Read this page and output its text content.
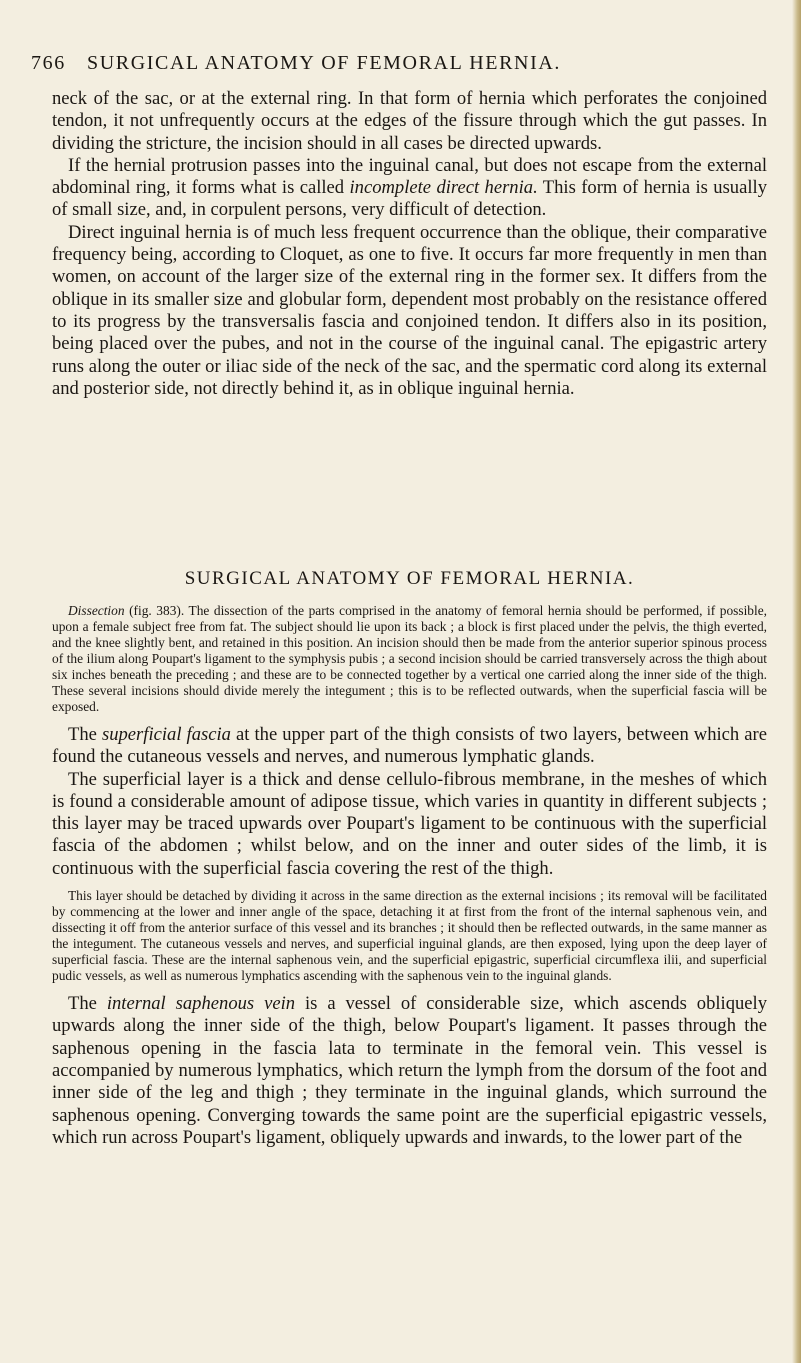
766 SURGICAL ANATOMY OF FEMORAL HERNIA.

neck of the sac, or at the external ring. In that form of hernia which perforates the conjoined tendon, it not unfrequently occurs at the edges of the fissure through which the gut passes. In dividing the stricture, the incision should in all cases be directed upwards.

If the hernial protrusion passes into the inguinal canal, but does not escape from the external abdominal ring, it forms what is called incomplete direct hernia. This form of hernia is usually of small size, and, in corpulent persons, very difficult of detection.

Direct inguinal hernia is of much less frequent occurrence than the oblique, their comparative frequency being, according to Cloquet, as one to five. It occurs far more frequently in men than women, on account of the larger size of the external ring in the former sex. It differs from the oblique in its smaller size and globular form, dependent most probably on the resistance offered to its progress by the transversalis fascia and conjoined tendon. It differs also in its position, being placed over the pubes, and not in the course of the inguinal canal. The epigastric artery runs along the outer or iliac side of the neck of the sac, and the spermatic cord along its external and posterior side, not directly behind it, as in oblique inguinal hernia.

SURGICAL ANATOMY OF FEMORAL HERNIA.

Dissection (fig. 383). The dissection of the parts comprised in the anatomy of femoral hernia should be performed, if possible, upon a female subject free from fat. The subject should lie upon its back ; a block is first placed under the pelvis, the thigh everted, and the knee slightly bent, and retained in this position. An incision should then be made from the anterior superior spinous process of the ilium along Poupart's ligament to the symphysis pubis ; a second incision should be carried transversely across the thigh about six inches beneath the preceding ; and these are to be connected together by a vertical one carried along the inner side of the thigh. These several incisions should divide merely the integument ; this is to be reflected outwards, when the superficial fascia will be exposed.

The superficial fascia at the upper part of the thigh consists of two layers, between which are found the cutaneous vessels and nerves, and numerous lymphatic glands.

The superficial layer is a thick and dense cellulo-fibrous membrane, in the meshes of which is found a considerable amount of adipose tissue, which varies in quantity in different subjects ; this layer may be traced upwards over Poupart's ligament to be continuous with the superficial fascia of the abdomen ; whilst below, and on the inner and outer sides of the limb, it is continuous with the superficial fascia covering the rest of the thigh.

This layer should be detached by dividing it across in the same direction as the external incisions ; its removal will be facilitated by commencing at the lower and inner angle of the space, detaching it at first from the front of the internal saphenous vein, and dissecting it off from the anterior surface of this vessel and its branches ; it should then be reflected outwards, in the same manner as the integument. The cutaneous vessels and nerves, and superficial inguinal glands, are then exposed, lying upon the deep layer of superficial fascia. These are the internal saphenous vein, and the superficial epigastric, superficial circumflexa ilii, and superficial pudic vessels, as well as numerous lymphatics ascending with the saphenous vein to the inguinal glands.

The internal saphenous vein is a vessel of considerable size, which ascends obliquely upwards along the inner side of the thigh, below Poupart's ligament. It passes through the saphenous opening in the fascia lata to terminate in the femoral vein. This vessel is accompanied by numerous lymphatics, which return the lymph from the dorsum of the foot and inner side of the leg and thigh ; they terminate in the inguinal glands, which surround the saphenous opening. Converging towards the same point are the superficial epigastric vessels, which run across Poupart's ligament, obliquely upwards and inwards, to the lower part of the
